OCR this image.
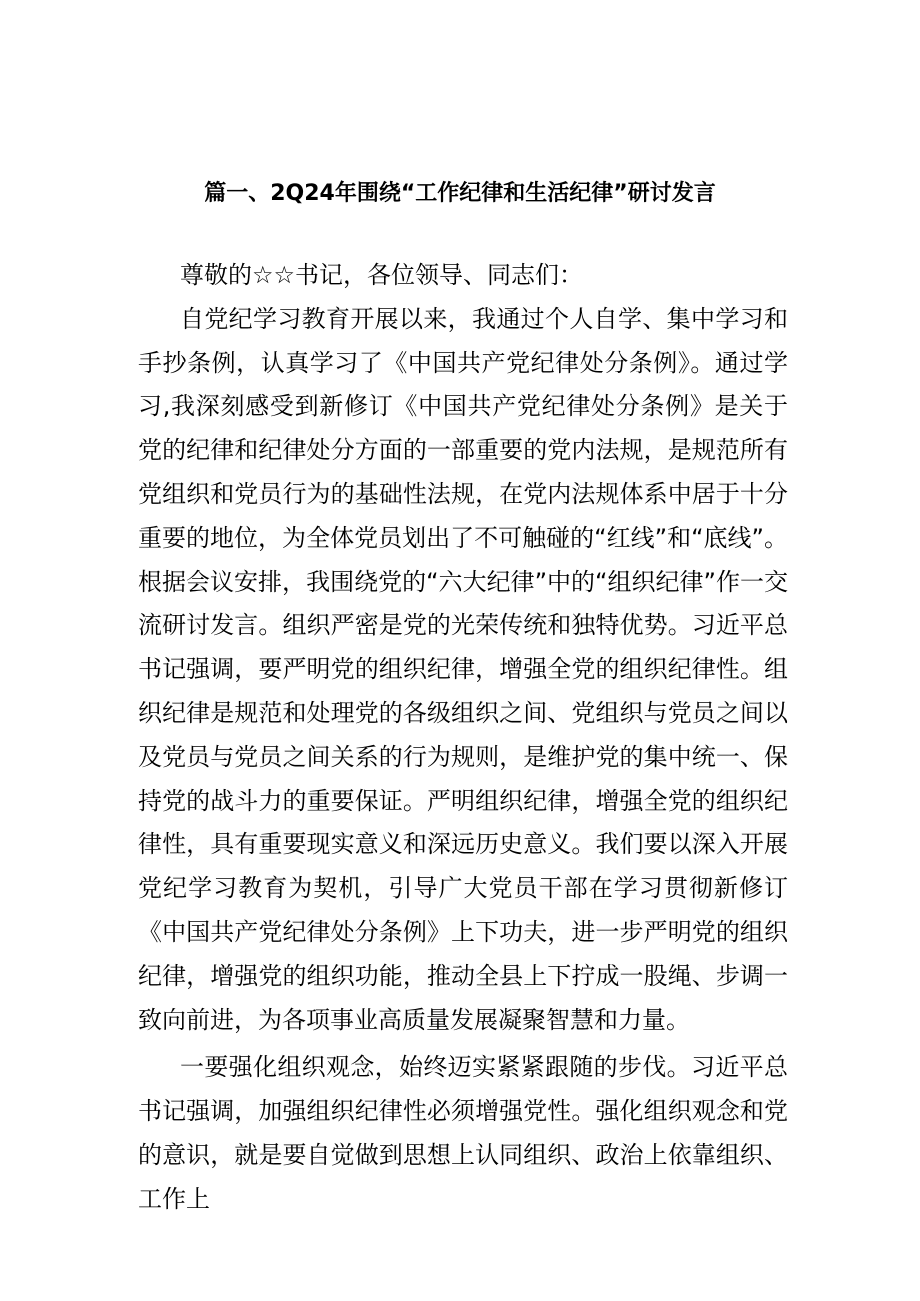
篇一、2Q24年围绕“工作纪律和生活纪律”研讨发言

尊敬的☆☆书记，各位领导、同志们：

自党纪学习教育开展以来，我通过个人自学、集中学习和手抄条例，认真学习了《中国共产党纪律处分条例》。通过学习,我深刻感受到新修订《中国共产党纪律处分条例》是关于党的纪律和纪律处分方面的一部重要的党内法规，是规范所有党组织和党员行为的基础性法规，在党内法规体系中居于十分重要的地位，为全体党员划出了不可触碰的“红线”和“底线”。根据会议安排，我围绕党的“六大纪律”中的“组织纪律”作一交流研讨发言。组织严密是党的光荣传统和独特优势。习近平总书记强调，要严明党的组织纪律，增强全党的组织纪律性。组织纪律是规范和处理党的各级组织之间、党组织与党员之间以及党员与党员之间关系的行为规则，是维护党的集中统一、保持党的战斗力的重要保证。严明组织纪律，增强全党的组织纪律性，具有重要现实意义和深远历史意义。我们要以深入开展党纪学习教育为契机，引导广大党员干部在学习贯彻新修订《中国共产党纪律处分条例》上下功夫，进一步严明党的组织纪律，增强党的组织功能，推动全县上下拧成一股绳、步调一致向前进，为各项事业高质量发展凝聚智慧和力量。

一要强化组织观念，始终迈实紧紧跟随的步伐。习近平总书记强调，加强组织纪律性必须增强党性。强化组织观念和党的意识，就是要自觉做到思想上认同组织、政治上依靠组织、工作上
